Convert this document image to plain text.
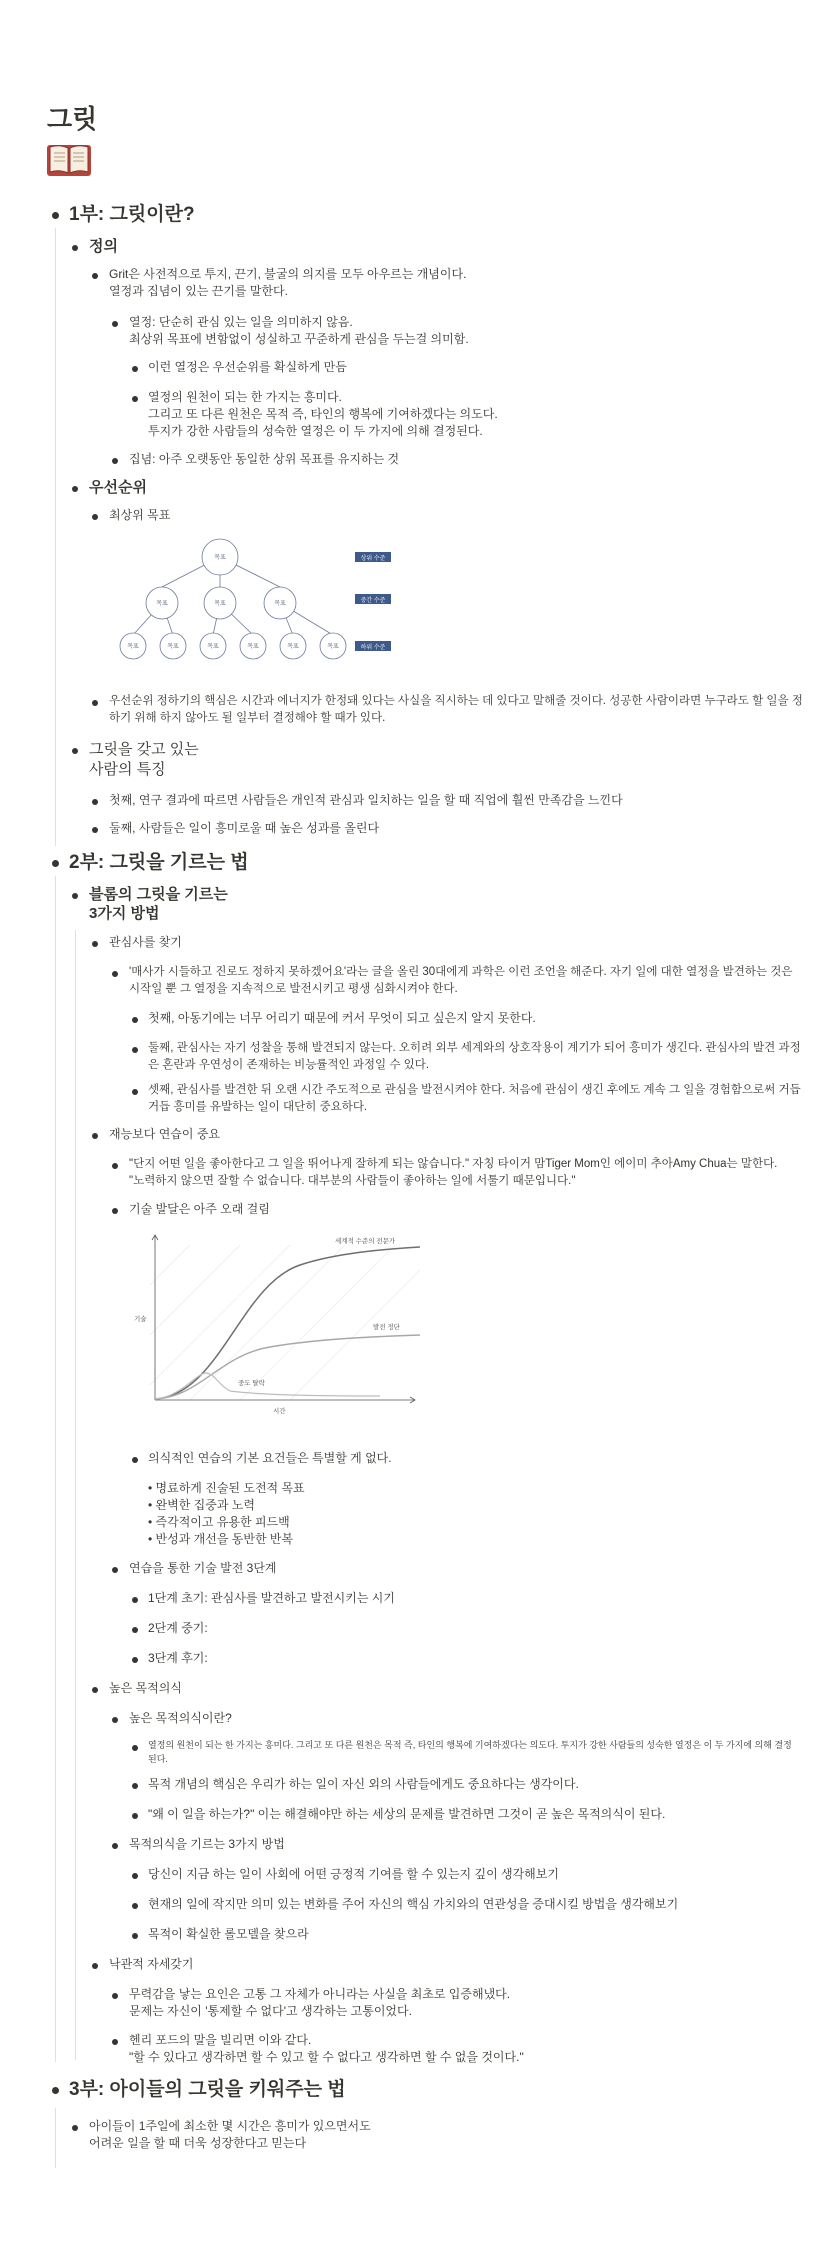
그릿
1부: 그릿이란?
정의
Grit은 사전적으로 투지, 끈기, 불굴의 의지를 모두 아우르는 개념이다.
열정과 집념이 있는 끈기를 말한다.
열정: 단순히 관심 있는 일을 의미하지 않음.
최상위 목표에 변함없이 성실하고 꾸준하게 관심을 두는걸 의미함.
이런 열정은 우선순위를 확실하게 만듬
열정의 원천이 되는 한 가지는 흥미다.
그리고 또 다른 원천은 목적 즉, 타인의 행복에 기여하겠다는 의도다.
투지가 강한 사람들의 성숙한 열정은 이 두 가지에 의해 결정된다.
집념: 아주 오랫동안 동일한 상위 목표를 유지하는 것
우선순위
최상위 목표
목표
목표	목표	목표
목표	목표	목표	목표	목표	목표
상위 수준
중간 수준
하위 수준
우선순위 정하기의 핵심은 시간과 에너지가 한정돼 있다는 사실을 직시하는 데 있다고 말해줄 것이다. 성공한 사람이라면 누구라도 할 일을 정
하기 위해 하지 않아도 될 일부터 결정해야 할 때가 있다.
그릿을 갖고 있는
사람의 특징
첫째, 연구 결과에 따르면 사람들은 개인적 관심과 일치하는 일을 할 때 직업에 훨씬 만족감을 느낀다
둘째, 사람들은 일이 흥미로울 때 높은 성과를 올린다
2부: 그릿을 기르는 법
블롬의 그릿을 기르는
3가지 방법
관심사를 찾기
'매사가 시들하고 진로도 정하지 못하겠어요'라는 글을 올린 30대에게 과학은 이런 조언을 해준다. 자기 일에 대한 열정을 발견하는 것은
시작일 뿐 그 열정을 지속적으로 발전시키고 평생 심화시켜야 한다.
첫째, 아동기에는 너무 어리기 때문에 커서 무엇이 되고 싶은지 알지 못한다.
둘째, 관심사는 자기 성찰을 통해 발견되지 않는다. 오히려 외부 세계와의 상호작용이 계기가 되어 흥미가 생긴다. 관심사의 발견 과정
은 혼란과 우연성이 존재하는 비능률적인 과정일 수 있다.
셋째, 관심사를 발견한 뒤 오랜 시간 주도적으로 관심을 발전시켜야 한다. 처음에 관심이 생긴 후에도 계속 그 일을 경험함으로써 거듭
거듭 흥미를 유발하는 일이 대단히 중요하다.
재능보다 연습이 중요
"단지 어떤 일을 좋아한다고 그 일을 뛰어나게 잘하게 되는 않습니다." 자칭 타이거 맘Tiger Mom인 에이미 추아Amy Chua는 말한다.
"노력하지 않으면 잘할 수 없습니다. 대부분의 사람들이 좋아하는 일에 서툴기 때문입니다."
기술 발달은 아주 오래 걸림
기술
시간
세계적 수준의 전문가
발전 정단
중도 탈락
의식적인 연습의 기본 요건들은 특별할 게 없다.
• 명료하게 진술된 도전적 목표
• 완벽한 집중과 노력
• 즉각적이고 유용한 피드백
• 반성과 개선을 동반한 반복
연습을 통한 기술 발전 3단계
1단계 초기: 관심사를 발견하고 발전시키는 시기
2단계 중기:
3단계 후기:
높은 목적의식
높은 목적의식이란?
열정의 원천이 되는 한 가지는 흥미다. 그리고 또 다른 원천은 목적 즉, 타인의 행복에 기여하겠다는 의도다. 투지가 강한 사람들의 성숙한 열정은 이 두 가지에 의해 결정
된다.
목적 개념의 핵심은 우리가 하는 일이 자신 외의 사람들에게도 중요하다는 생각이다.
"왜 이 일을 하는가?" 이는 해결해야만 하는 세상의 문제를 발견하면 그것이 곧 높은 목적의식이 된다.
목적의식을 기르는 3가지 방법
당신이 지금 하는 일이 사회에 어떤 긍정적 기여를 할 수 있는지 깊이 생각해보기
현재의 일에 작지만 의미 있는 변화를 주어 자신의 핵심 가치와의 연관성을 증대시킬 방법을 생각해보기
목적이 확실한 롤모델을 찾으라
낙관적 자세갖기
무력감을 낳는 요인은 고통 그 자체가 아니라는 사실을 최초로 입증해냈다.
문제는 자신이 '통제할 수 없다'고 생각하는 고통이었다.
헨리 포드의 말을 빌리면 이와 같다.
"할 수 있다고 생각하면 할 수 있고 할 수 없다고 생각하면 할 수 없을 것이다."
3부: 아이들의 그릿을 키워주는 법
아이들이 1주일에 최소한 몇 시간은 흥미가 있으면서도
어려운 일을 할 때 더욱 성장한다고 믿는다
